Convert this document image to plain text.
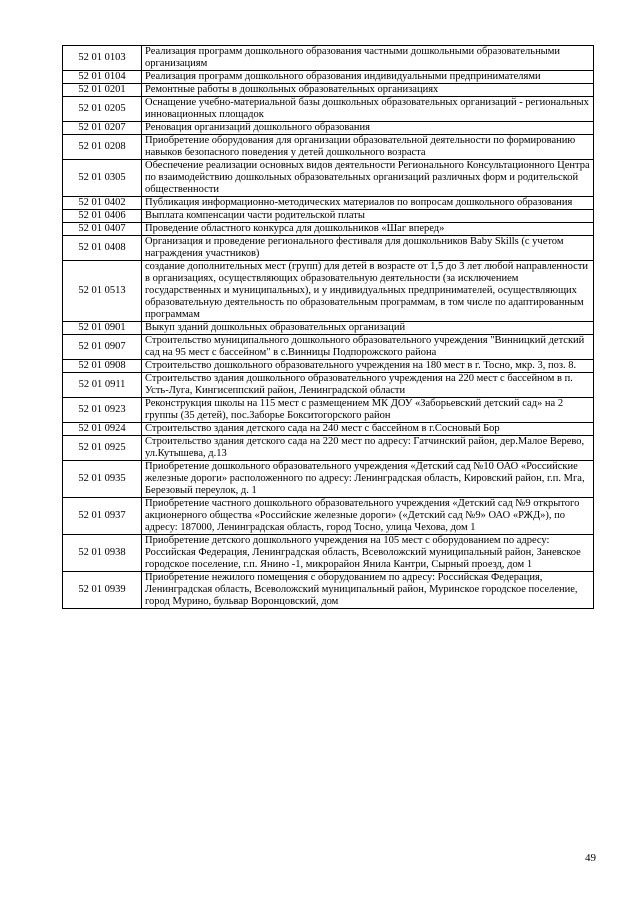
52 01 0103	Реализация программ дошкольного образования частными дошкольными образовательными организациям
52 01 0104	Реализация программ дошкольного образования индивидуальными предпринимателями
52 01 0201	Ремонтные работы в дошкольных образовательных организациях
52 01 0205	Оснащение учебно-материальной базы дошкольных образовательных организаций - региональных инновационных площадок
52 01 0207	Реновация организаций дошкольного образования
52 01 0208	Приобретение оборудования для организации образовательной деятельности по формированию навыков безопасного поведения у детей дошкольного возраста
52 01 0305	Обеспечение реализации основных видов деятельности Регионального Консультационного Центра по взаимодействию дошкольных образовательных организаций различных форм и родительской общественности
52 01 0402	Публикация информационно-методических материалов по вопросам дошкольного образования
52 01 0406	Выплата компенсации части родительской платы
52 01 0407	Проведение областного конкурса для дошкольников «Шаг вперед»
52 01 0408	Организация и проведение регионального фестиваля для дошкольников Baby Skills (с учетом награждения участников)
52 01 0513	создание дополнительных мест (групп) для детей в возрасте от 1,5 до 3 лет любой направленности в организациях, осуществляющих образовательную деятельности (за исключением государственных и муниципальных), и у индивидуальных предпринимателей, осуществляющих образовательную деятельность по образовательным программам, в том числе по адаптированным программам
52 01 0901	Выкуп зданий дошкольных образовательных организаций
52 01 0907	Строительство муниципального дошкольного образовательного учреждения "Винницкий детский сад на 95 мест с бассейном" в с.Винницы Подпорожского района
52 01 0908	Строительство дошкольного образовательного учреждения на 180 мест в г. Тосно, мкр. 3, поз. 8.
52 01 0911	Строительство здания дошкольного образовательного учреждения на 220 мест с бассейном в п. Усть-Луга, Кингисеппский район, Ленинградской области
52 01 0923	Реконструкция школы на 115 мест с размещением МК ДОУ «Заборьевский детский сад» на 2 группы (35 детей), пос.Заборье Бокситогорского район
52 01 0924	Строительство здания детского сада на 240 мест с бассейном в г.Сосновый Бор
52 01 0925	Строительство здания детского сада на 220 мест по адресу: Гатчинский район, дер.Малое Верево, ул.Кутышева, д.13
52 01 0935	Приобретение дошкольного образовательного учреждения «Детский сад №10 ОАО «Российские железные дороги» расположенного по адресу: Ленинградская область, Кировский район, г.п. Мга, Березовый переулок, д. 1
52 01 0937	Приобретение частного дошкольного образовательного учреждения «Детский сад №9 открытого акционерного общества «Российские железные дороги» («Детский сад №9» ОАО «РЖД»), по адресу: 187000, Ленинградская область, город Тосно, улица Чехова, дом 1
52 01 0938	Приобретение детского дошкольного учреждения на 105 мест с оборудованием по адресу: Российская Федерация, Ленинградская область, Всеволожский муниципальный район, Заневское городское поселение, г.п. Янино -1, микрорайон Янила Кантри, Сырный проезд, дом 1
52 01 0939	Приобретение нежилого помещения с оборудованием по адресу: Российская Федерация, Ленинградская область, Всеволожский муниципальный район, Муринское городское поселение, город Мурино, бульвар Воронцовский, дом
49
